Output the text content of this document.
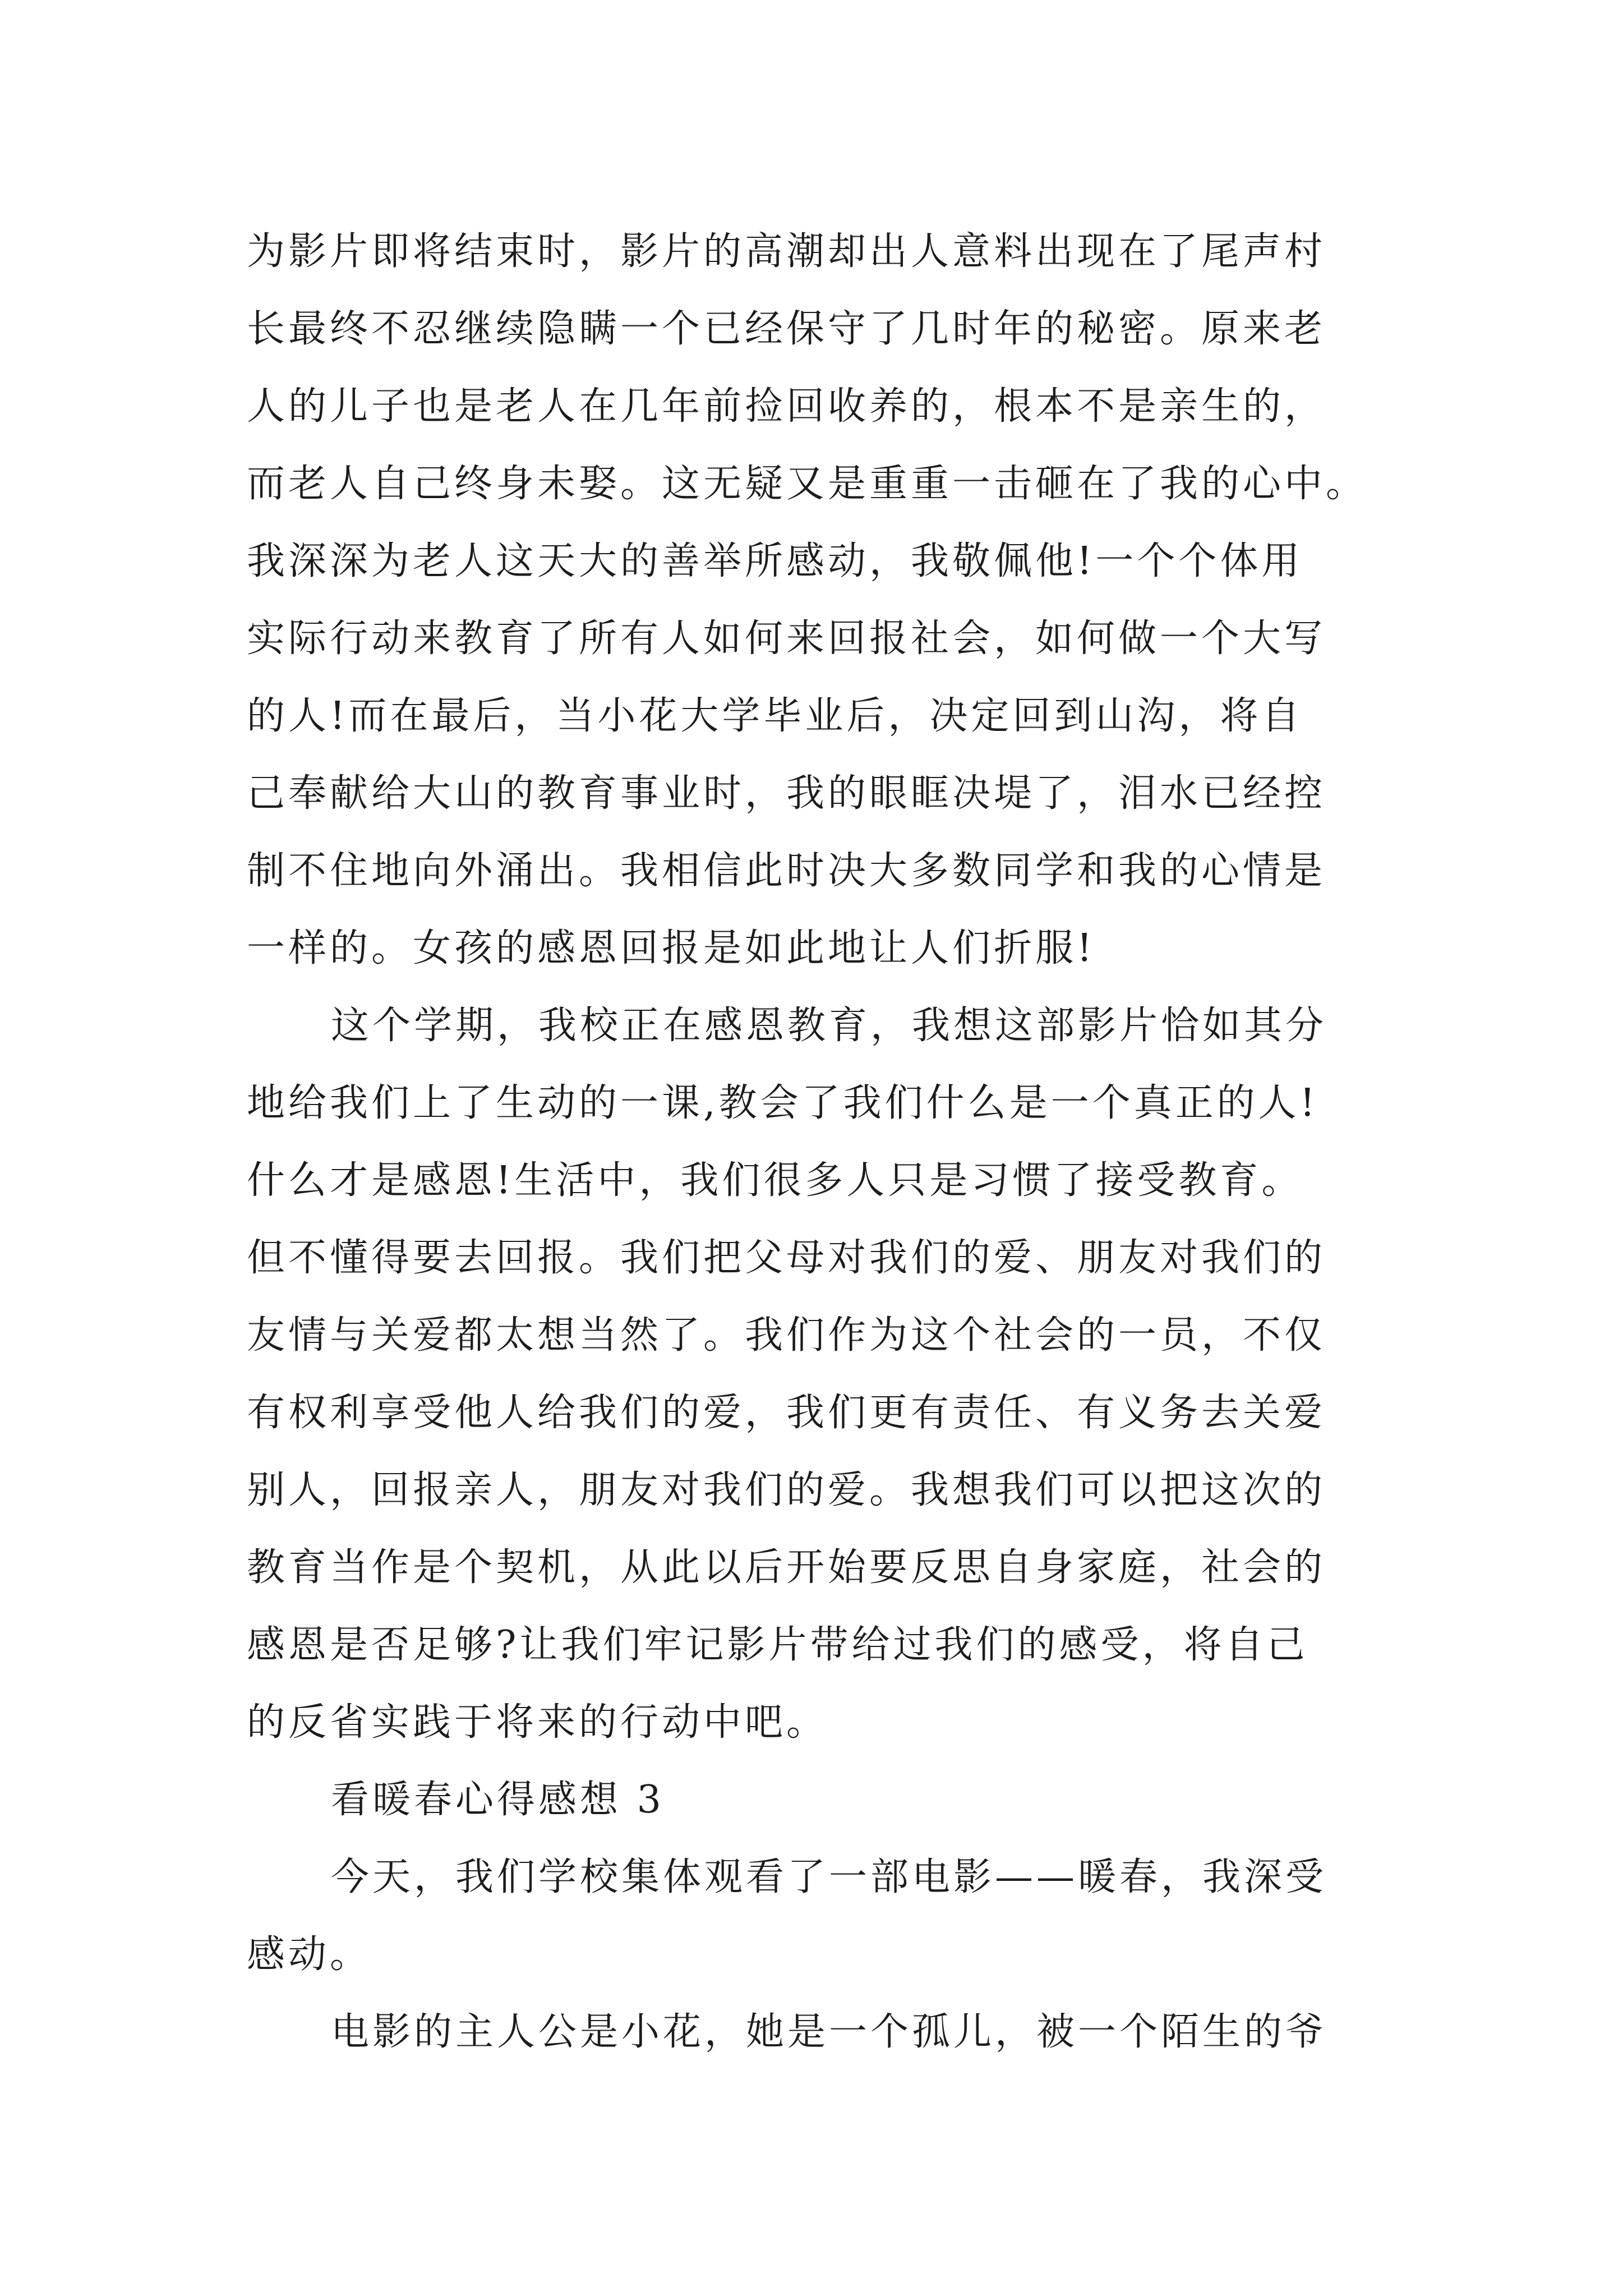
为影片即将结束时，影片的高潮却出人意料出现在了尾声村
长最终不忍继续隐瞒一个已经保守了几时年的秘密。原来老
人的儿子也是老人在几年前捡回收养的，根本不是亲生的，
而老人自己终身未娶。这无疑又是重重一击砸在了我的心中。
我深深为老人这天大的善举所感动，我敬佩他!一个个体用
实际行动来教育了所有人如何来回报社会，如何做一个大写
的人!而在最后，当小花大学毕业后，决定回到山沟，将自
己奉献给大山的教育事业时，我的眼眶决堤了，泪水已经控
制不住地向外涌出。我相信此时决大多数同学和我的心情是
一样的。女孩的感恩回报是如此地让人们折服!
这个学期，我校正在感恩教育，我想这部影片恰如其分
地给我们上了生动的一课,教会了我们什么是一个真正的人!
什么才是感恩!生活中，我们很多人只是习惯了接受教育。
但不懂得要去回报。我们把父母对我们的爱、朋友对我们的
友情与关爱都太想当然了。我们作为这个社会的一员，不仅
有权利享受他人给我们的爱，我们更有责任、有义务去关爱
别人，回报亲人，朋友对我们的爱。我想我们可以把这次的
教育当作是个契机，从此以后开始要反思自身家庭，社会的
感恩是否足够?让我们牢记影片带给过我们的感受，将自己
的反省实践于将来的行动中吧。
看暖春心得感想 3
今天，我们学校集体观看了一部电影——暖春，我深受
感动。
电影的主人公是小花，她是一个孤儿，被一个陌生的爷
